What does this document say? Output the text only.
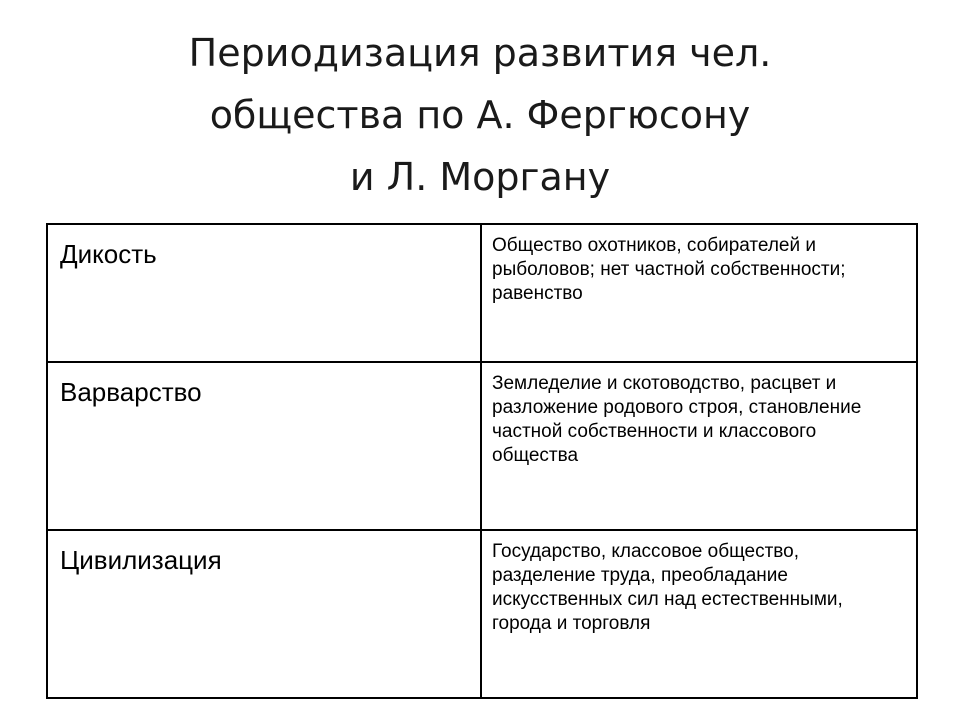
Периодизация развития чел.
общества по А. Фергюсону
и Л. Моргану
Дикость	Общество охотников, собирателей и рыболовов; нет частной собственности; равенство

Варварство	Земледелие и скотоводство, расцвет и разложение родового строя, становление частной собственности и классового общества

Цивилизация	Государство, классовое общество, разделение труда, преобладание искусственных сил над естественными, города и торговля
